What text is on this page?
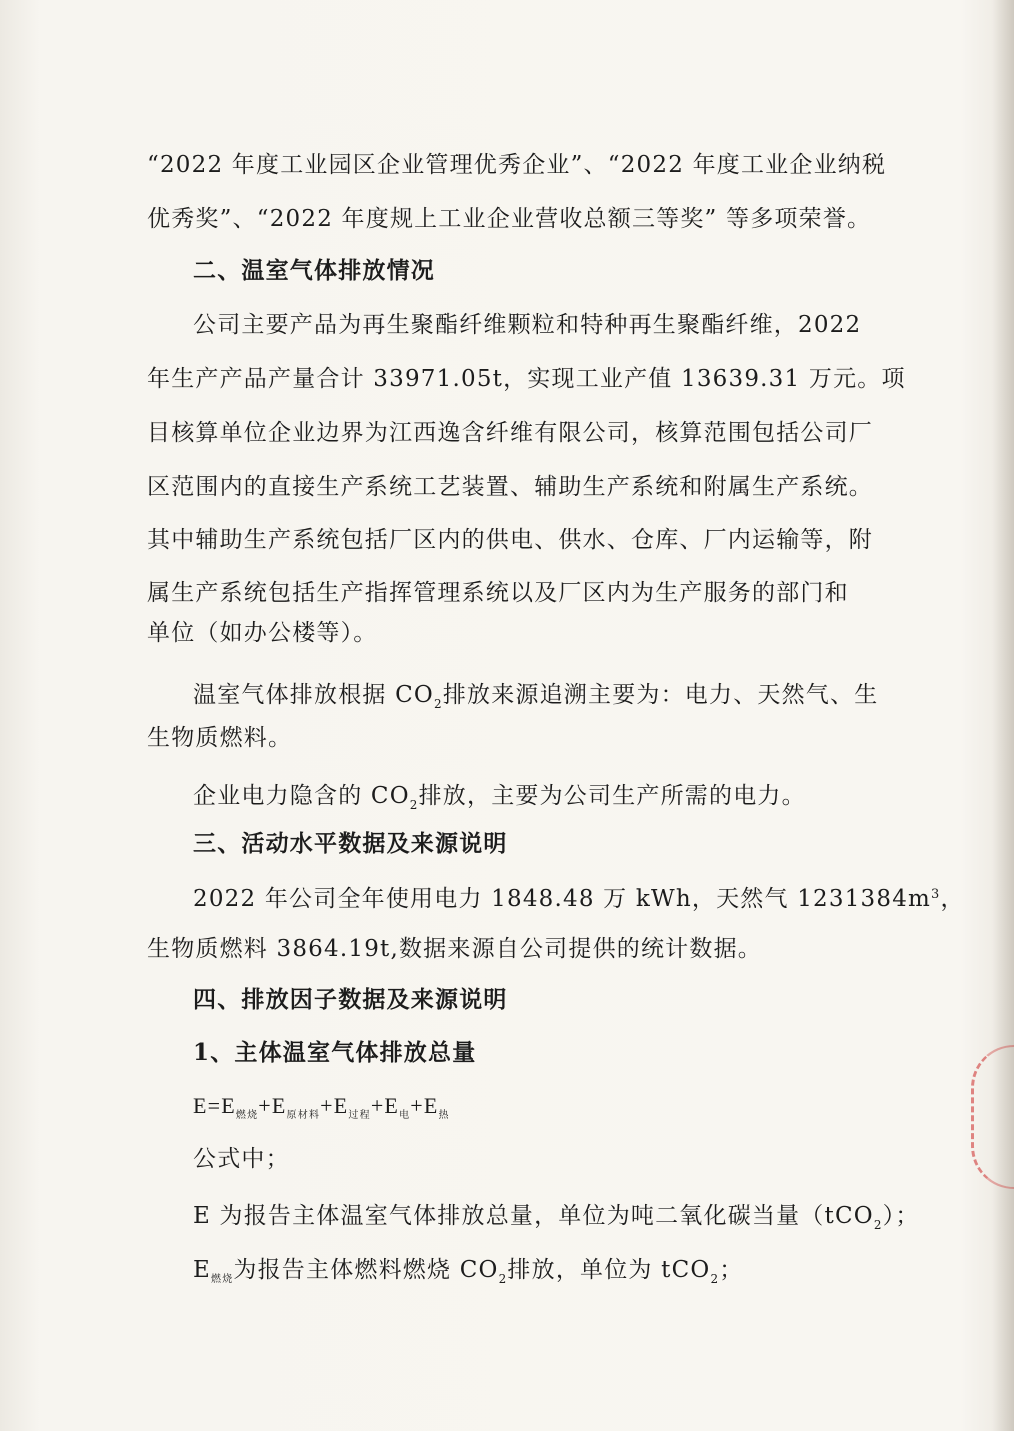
“2022 年度工业园区企业管理优秀企业”、“2022 年度工业企业纳税
优秀奖”、“2022 年度规上工业企业营收总额三等奖” 等多项荣誉。
二、温室气体排放情况
公司主要产品为再生聚酯纤维颗粒和特种再生聚酯纤维，2022
年生产产品产量合计 33971.05t，实现工业产值 13639.31 万元。项
目核算单位企业边界为江西逸含纤维有限公司，核算范围包括公司厂
区范围内的直接生产系统工艺装置、辅助生产系统和附属生产系统。
其中辅助生产系统包括厂区内的供电、供水、仓库、厂内运输等，附
属生产系统包括生产指挥管理系统以及厂区内为生产服务的部门和
单位（如办公楼等）。
温室气体排放根据 $CO_2$排放来源追溯主要为：电力、天然气、生
生物质燃料。
企业电力隐含的 $CO_2$排放，主要为公司生产所需的电力。
三、活动水平数据及来源说明
2022 年公司全年使用电力 1848.48 万 kWh，天然气 $1231384m^3$，
生物质燃料 3864.19t,数据来源自公司提供的统计数据。
四、排放因子数据及来源说明
1、主体温室气体排放总量
$E=E_{燃烧}+E_{原材料}+E_{过程}+E_电+E_热$
公式中；
E 为报告主体温室气体排放总量，单位为吨二氧化碳当量（tCO$_2$）；
$E_{燃烧}$为报告主体燃料燃烧 $CO_2$排放，单位为 tCO$_2$；
